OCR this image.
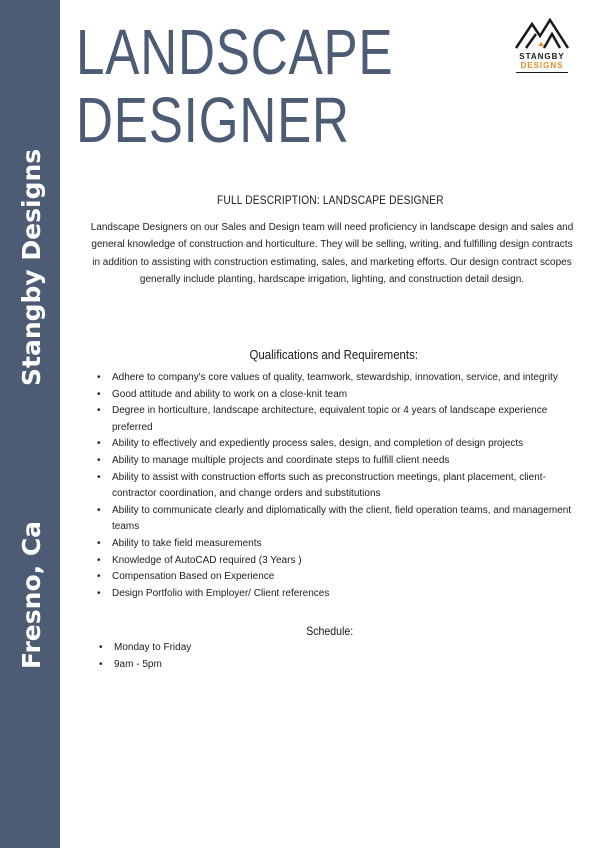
Stangby Designs
Fresno, Ca
LANDSCAPE
DESIGNER
STANGBY
DESIGNS
FULL DESCRIPTION: LANDSCAPE DESIGNER

Landscape Designers on our Sales and Design team will need proficiency in landscape design and sales and general knowledge of construction and horticulture. They will be selling, writing, and fulfilling design contracts in addition to assisting with construction estimating, sales, and marketing efforts. Our design contract scopes generally include planting, hardscape irrigation, lighting, and construction detail design.

Qualifications and Requirements:
• Adhere to company's core values of quality, teamwork, stewardship, innovation, service, and integrity
• Good attitude and ability to work on a close-knit team
• Degree in horticulture, landscape architecture, equivalent topic or 4 years of landscape experience preferred
• Ability to effectively and expediently process sales, design, and completion of design projects
• Ability to manage multiple projects and coordinate steps to fulfill client needs
• Ability to assist with construction efforts such as preconstruction meetings, plant placement, client-contractor coordination, and change orders and substitutions
• Ability to communicate clearly and diplomatically with the client, field operation teams, and management teams
• Ability to take field measurements
• Knowledge of AutoCAD required (3 Years )
• Compensation Based on Experience
• Design Portfolio with Employer/ Client references
Schedule:
• Monday to Friday
• 9am - 5pm
